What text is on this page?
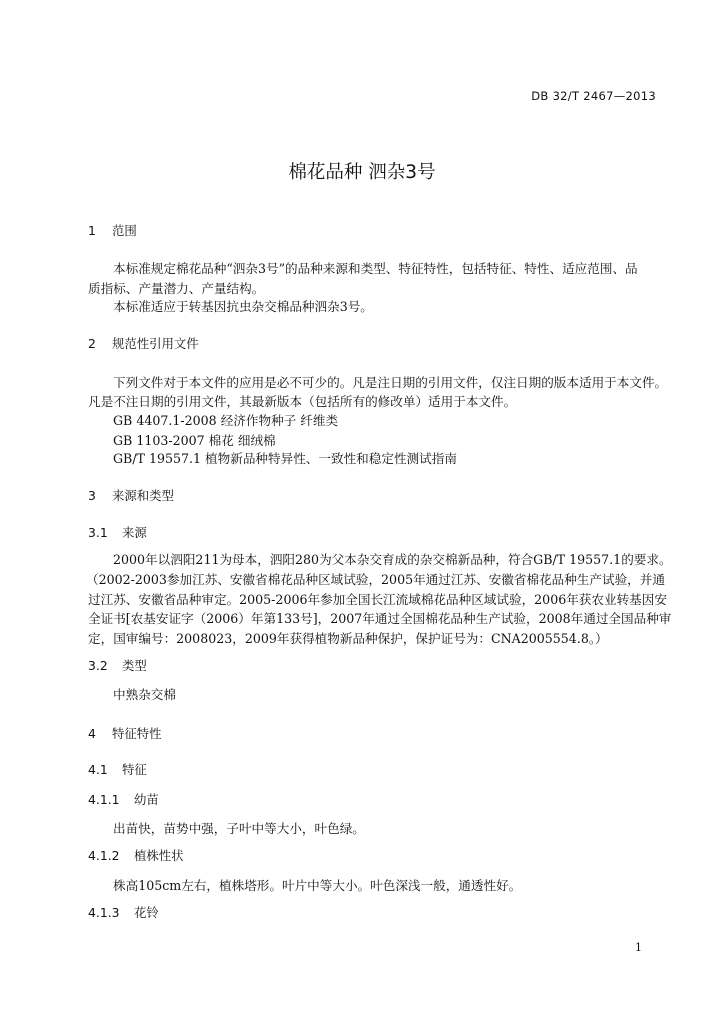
DB 32/T 2467—2013
棉花品种 泗杂3号
1 范围
本标准规定棉花品种“泗杂3号”的品种来源和类型、特征特性，包括特征、特性、适应范围、品
质指标、产量潜力、产量结构。
本标准适应于转基因抗虫杂交棉品种泗杂3号。
2 规范性引用文件
下列文件对于本文件的应用是必不可少的。凡是注日期的引用文件，仅注日期的版本适用于本文件。
凡是不注日期的引用文件，其最新版本（包括所有的修改单）适用于本文件。
GB 4407.1-2008 经济作物种子 纤维类
GB 1103-2007 棉花 细绒棉
GB/T 19557.1 植物新品种特异性、一致性和稳定性测试指南
3 来源和类型
3.1 来源
2000年以泗阳211为母本，泗阳280为父本杂交育成的杂交棉新品种，符合GB/T 19557.1的要求。
（2002-2003参加江苏、安徽省棉花品种区域试验，2005年通过江苏、安徽省棉花品种生产试验，并通
过江苏、安徽省品种审定。2005-2006年参加全国长江流域棉花品种区域试验，2006年获农业转基因安
全证书[农基安证字（2006）年第133号]，2007年通过全国棉花品种生产试验，2008年通过全国品种审
定，国审编号：2008023，2009年获得植物新品种保护，保护证号为：CNA2005554.8。）
3.2 类型
中熟杂交棉
4 特征特性
4.1 特征
4.1.1 幼苗
出苗快，苗势中强，子叶中等大小，叶色绿。
4.1.2 植株性状
株高105cm左右，植株塔形。叶片中等大小。叶色深浅一般，通透性好。
4.1.3 花铃
1
